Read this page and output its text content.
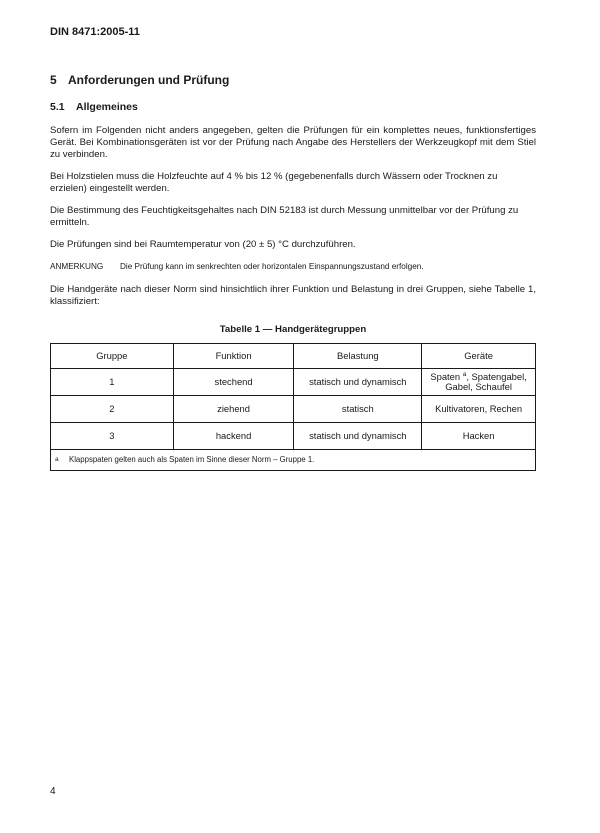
DIN 8471:2005-11
5 Anforderungen und Prüfung
5.1	Allgemeines

Sofern im Folgenden nicht anders angegeben, gelten die Prüfungen für ein komplettes neues, funktionsfertiges Gerät. Bei Kombinationsgeräten ist vor der Prüfung nach Angabe des Herstellers der Werkzeugkopf mit dem Stiel zu verbinden.

Bei Holzstielen muss die Holzfeuchte auf 4 % bis 12 % (gegebenenfalls durch Wässern oder Trocknen zu erzielen) eingestellt werden.

Die Bestimmung des Feuchtigkeitsgehaltes nach DIN 52183 ist durch Messung unmittelbar vor der Prüfung zu ermitteln.

Die Prüfungen sind bei Raumtemperatur von (20 ± 5) °C durchzuführen.

ANMERKUNG	Die Prüfung kann im senkrechten oder horizontalen Einspannungszustand erfolgen.

Die Handgeräte nach dieser Norm sind hinsichtlich ihrer Funktion und Belastung in drei Gruppen, siehe Tabelle 1, klassifiziert:

Tabelle 1 — Handgerätegruppen
Gruppe	Funktion	Belastung	Geräte
1	stechend	statisch und dynamisch	Spaten $^a$, Spatengabel, Gabel, Schaufel
2	ziehend	statisch	Kultivatoren, Rechen
3	hackend	statisch und dynamisch	Hacken
a Klappspaten gelten auch als Spaten im Sinne dieser Norm – Gruppe 1.			
4
